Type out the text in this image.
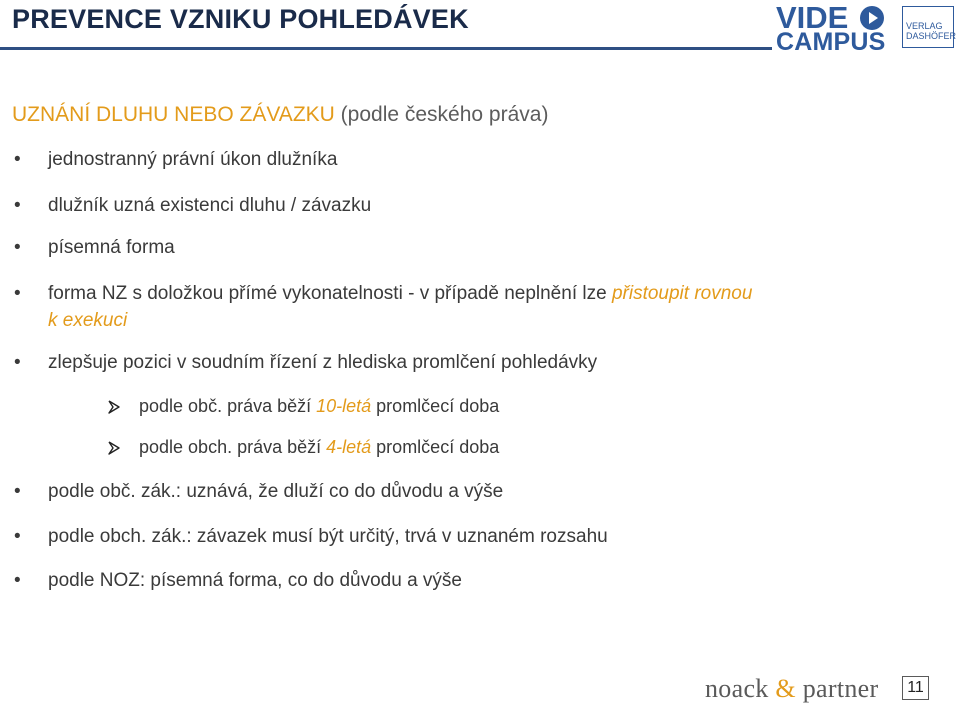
PREVENCE VZNIKU POHLEDÁVEK	VIDE
CAMPUS
VERLAG
DASHÖFER
UZNÁNÍ DLUHU NEBO ZÁVAZKU (podle českého práva)
• jednostranný právní úkon dlužníka
• dlužník uzná existenci dluhu / závazku
• písemná forma
• forma NZ s doložkou přímé vykonatelnosti - v případě neplnění lze přistoupit rovnou
k exekuci
• zlepšuje pozici v soudním řízení z hlediska promlčení pohledávky
podle obč. práva běží 10-letá promlčecí doba
podle obch. práva běží 4-letá promlčecí doba
• podle obč. zák.: uznává, že dluží co do důvodu a výše
• podle obch. zák.: závazek musí být určitý, trvá v uznaném rozsahu
• podle NOZ: písemná forma, co do důvodu a výše
noack & partner	11
